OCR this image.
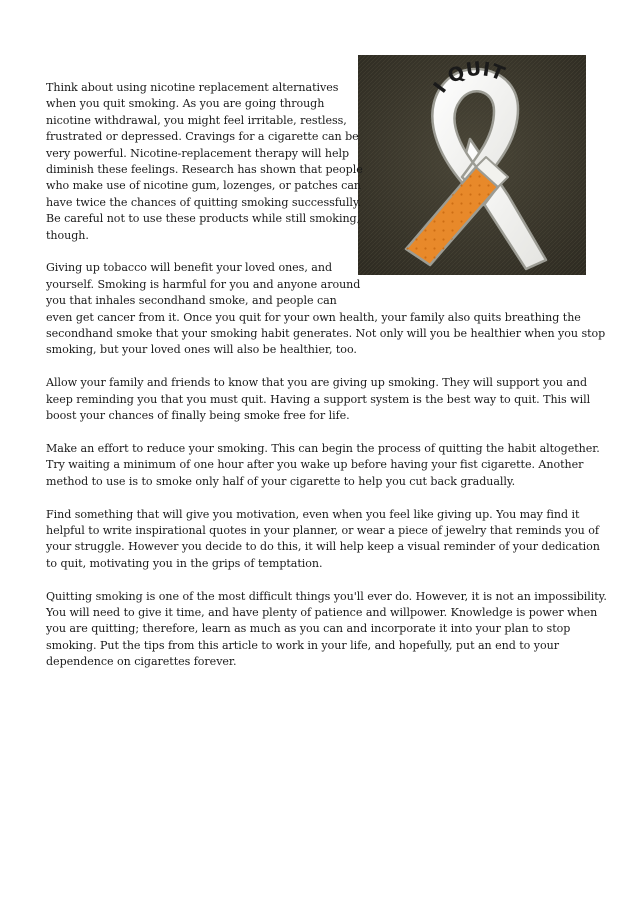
I QUIT

Think about using nicotine replacement alternatives
when you quit smoking. As you are going through
nicotine withdrawal, you might feel irritable, restless,
frustrated or depressed. Cravings for a cigarette can be
very powerful. Nicotine-replacement therapy will help
diminish these feelings. Research has shown that people
who make use of nicotine gum, lozenges, or patches can
have twice the chances of quitting smoking successfully.
Be careful not to use these products while still smoking,
though.

Giving up tobacco will benefit your loved ones, and
yourself. Smoking is harmful for you and anyone around
you that inhales secondhand smoke, and people can
even get cancer from it. Once you quit for your own health, your family also quits breathing the
secondhand smoke that your smoking habit generates. Not only will you be healthier when you stop
smoking, but your loved ones will also be healthier, too.

Allow your family and friends to know that you are giving up smoking. They will support you and
keep reminding you that you must quit. Having a support system is the best way to quit. This will
boost your chances of finally being smoke free for life.

Make an effort to reduce your smoking. This can begin the process of quitting the habit altogether.
Try waiting a minimum of one hour after you wake up before having your fist cigarette. Another
method to use is to smoke only half of your cigarette to help you cut back gradually.

Find something that will give you motivation, even when you feel like giving up. You may find it
helpful to write inspirational quotes in your planner, or wear a piece of jewelry that reminds you of
your struggle. However you decide to do this, it will help keep a visual reminder of your dedication
to quit, motivating you in the grips of temptation.

Quitting smoking is one of the most difficult things you'll ever do. However, it is not an impossibility.
You will need to give it time, and have plenty of patience and willpower. Knowledge is power when
you are quitting; therefore, learn as much as you can and incorporate it into your plan to stop
smoking. Put the tips from this article to work in your life, and hopefully, put an end to your
dependence on cigarettes forever.
